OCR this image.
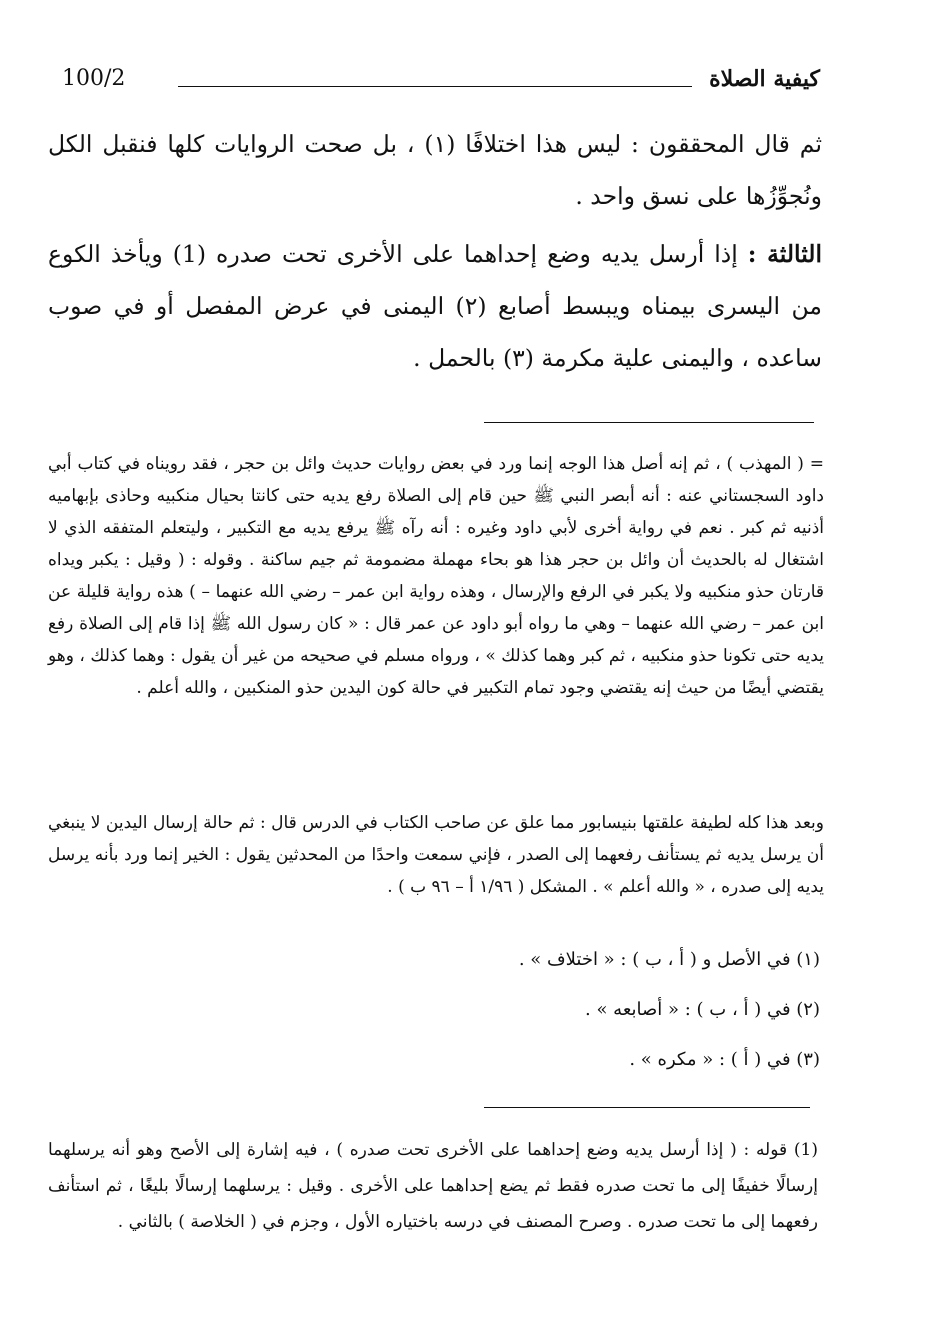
كيفية الصلاة
100/2

ثم قال المحققون : ليس هذا اختلافًا (١) ، بل صحت الروايات كلها فنقبل الكل ونُجوِّزُها على نسق واحد .

الثالثة : إذا أرسل يديه وضع إحداهما على الأخرى تحت صدره (1) ويأخذ الكوع من اليسرى بيمناه ويبسط أصابع (٢) اليمنى في عرض المفصل أو في صوب ساعده ، واليمنى علية مكرمة (٣) بالحمل .

= ( المهذب ) ، ثم إنه أصل هذا الوجه إنما ورد في بعض روايات حديث وائل بن حجر ، فقد رويناه في كتاب أبي داود السجستاني عنه : أنه أبصر النبي ﷺ حين قام إلى الصلاة رفع يديه حتى كانتا بحيال منكبيه وحاذى بإبهاميه أذنيه ثم كبر . نعم في رواية أخرى لأبي داود وغيره : أنه رآه ﷺ يرفع يديه مع التكبير ، وليتعلم المتفقه الذي لا اشتغال له بالحديث أن وائل بن حجر هذا هو بحاء مهملة مضمومة ثم جيم ساكنة . وقوله : ( وقيل : يكبر ويداه قارتان حذو منكبيه ولا يكبر في الرفع والإرسال ، وهذه رواية ابن عمر – رضي الله عنهما – ) هذه رواية قليلة عن ابن عمر – رضي الله عنهما – وهي ما رواه أبو داود عن عمر قال : « كان رسول الله ﷺ إذا قام إلى الصلاة رفع يديه حتى تكونا حذو منكبيه ، ثم كبر وهما كذلك » ، ورواه مسلم في صحيحه من غير أن يقول : وهما كذلك ، وهو يقتضي أيضًا من حيث إنه يقتضي وجود تمام التكبير في حالة كون اليدين حذو المنكبين ، والله أعلم .

وبعد هذا كله لطيفة علقتها بنيسابور مما علق عن صاحب الكتاب في الدرس قال : ثم حالة إرسال اليدين لا ينبغي أن يرسل يديه ثم يستأنف رفعهما إلى الصدر ، فإني سمعت واحدًا من المحدثين يقول : الخير إنما ورد بأنه يرسل يديه إلى صدره ، « والله أعلم » . المشكل ( ١/٩٦ أ – ٩٦ ب ) .

(١) في الأصل و ( أ ، ب ) : « اختلاف » .
(٢) في ( أ ، ب ) : « أصابعه » .
(٣) في ( أ ) : « مكره » .

(1) قوله : ( إذا أرسل يديه وضع إحداهما على الأخرى تحت صدره ) ، فيه إشارة إلى الأصح وهو أنه يرسلهما إرسالًا خفيفًا إلى ما تحت صدره فقط ثم يضع إحداهما على الأخرى . وقيل : يرسلهما إرسالًا بليغًا ، ثم استأنف رفعهما إلى ما تحت صدره . وصرح المصنف في درسه باختياره الأول ، وجزم في ( الخلاصة ) بالثاني .
